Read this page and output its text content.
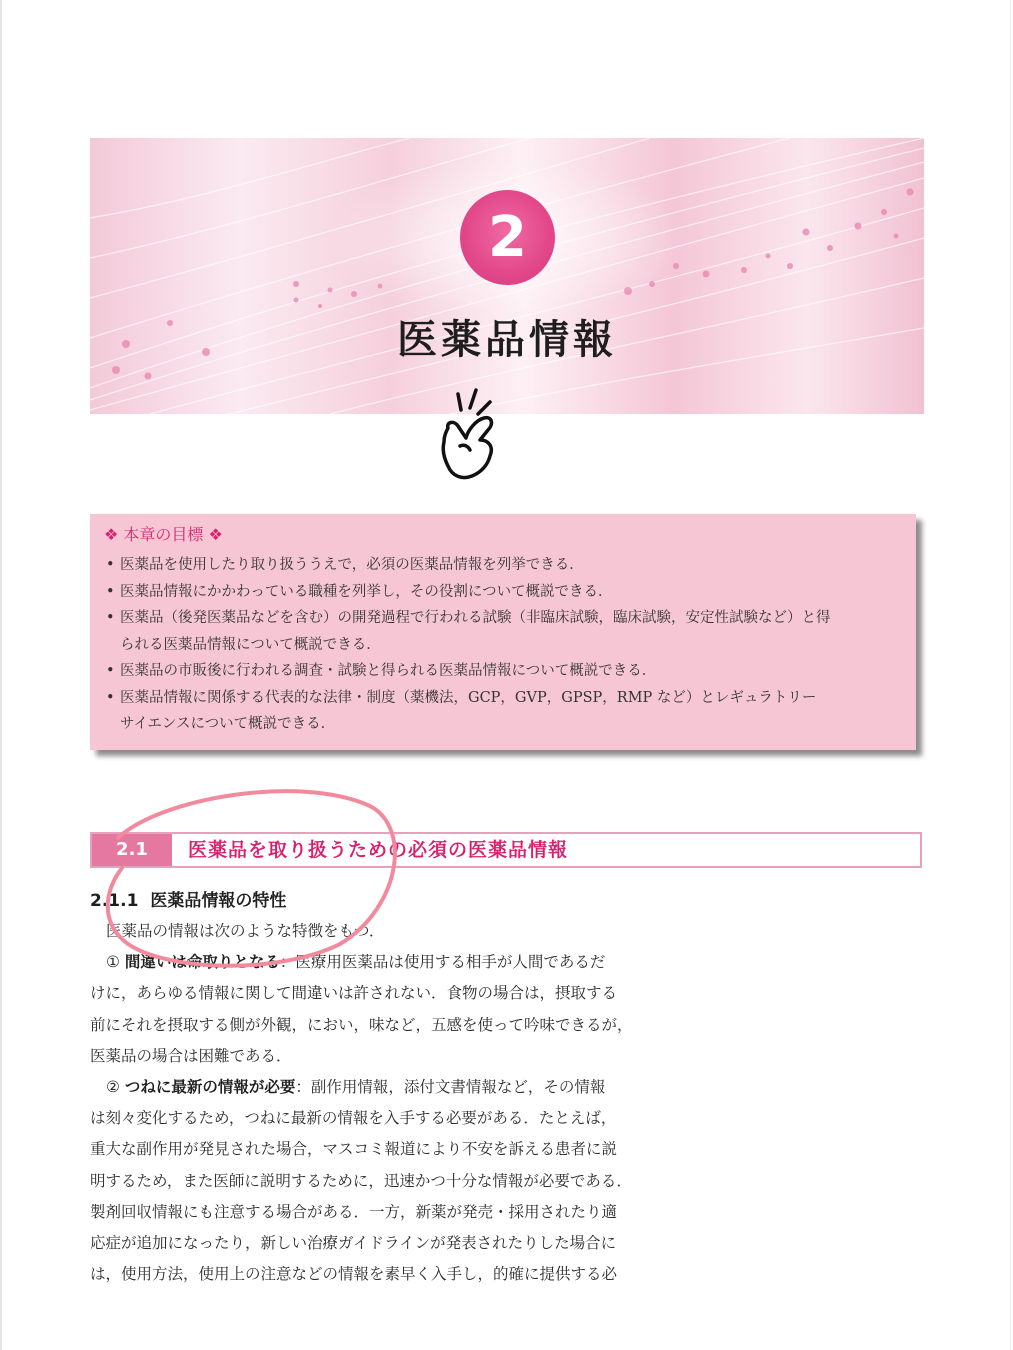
2
医薬品情報
❖ 本章の目標 ❖
• 医薬品を使用したり取り扱ううえで，必須の医薬品情報を列挙できる．
• 医薬品情報にかかわっている職種を列挙し，その役割について概説できる．
• 医薬品（後発医薬品などを含む）の開発過程で行われる試験（非臨床試験，臨床試験，安定性試験など）と得
られる医薬品情報について概説できる．
• 医薬品の市販後に行われる調査・試験と得られる医薬品情報について概説できる．
• 医薬品情報に関係する代表的な法律・制度（薬機法，GCP，GVP，GPSP，RMP など）とレギュラトリー
サイエンスについて概説できる．
2.1	医薬品を取り扱うための必須の医薬品情報
2.1.1 医薬品情報の特性
医薬品の情報は次のような特徴をもつ．
① 間違いは命取りとなる：医療用医薬品は使用する相手が人間であるだ
けに，あらゆる情報に関して間違いは許されない．食物の場合は，摂取する
前にそれを摂取する側が外観，におい，味など，五感を使って吟味できるが，
医薬品の場合は困難である．
② つねに最新の情報が必要：副作用情報，添付文書情報など，その情報
は刻々変化するため，つねに最新の情報を入手する必要がある．たとえば，
重大な副作用が発見された場合，マスコミ報道により不安を訴える患者に説
明するため，また医師に説明するために，迅速かつ十分な情報が必要である．
製剤回収情報にも注意する場合がある．一方，新薬が発売・採用されたり適
応症が追加になったり，新しい治療ガイドラインが発表されたりした場合に
は，使用方法，使用上の注意などの情報を素早く入手し，的確に提供する必
